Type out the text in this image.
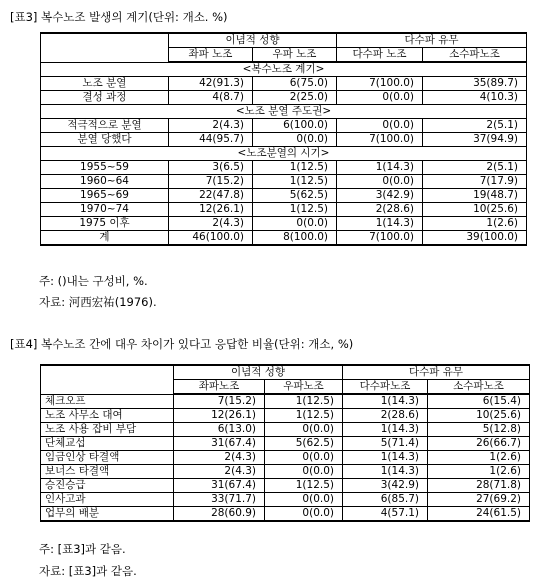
[표3] 복수노조 발생의 계기(단위: 개소. %)
	이념적 성향		다수파 유무	
	좌파 노조	우파 노조	다수파 노조	소수파노조
<복수노조 계기>				
노조 분열	42(91.3)	6(75.0)	7(100.0)	35(89.7)
결성 과정	4(8.7)	2(25.0)	0(0.0)	4(10.3)
<노조 분열 주도권>				
적극적으로 분열	2(4.3)	6(100.0)	0(0.0)	2(5.1)
분열 당했다	44(95.7)	0(0.0)	7(100.0)	37(94.9)
<노조분열의 시기>				
1955~59	3(6.5)	1(12.5)	1(14.3)	2(5.1)
1960~64	7(15.2)	1(12.5)	0(0.0)	7(17.9)
1965~69	22(47.8)	5(62.5)	3(42.9)	19(48.7)
1970~74	12(26.1)	1(12.5)	2(28.6)	10(25.6)
1975 이후	2(4.3)	0(0.0)	1(14.3)	1(2.6)
계	46(100.0)	8(100.0)	7(100.0)	39(100.0)
주: ()내는 구성비, %.
자료: 河西宏祐(1976).
[표4] 복수노조 간에 대우 차이가 있다고 응답한 비율(단위: 개소, %)
	이념적 성향		다수파 유무	
	좌파노조	우파노조	다수파노조	소수파노조
체크오프	7(15.2)	1(12.5)	1(14.3)	6(15.4)
노조 사무소 대여	12(26.1)	1(12.5)	2(28.6)	10(25.6)
노조 사용 잡비 부담	6(13.0)	0(0.0)	1(14.3)	5(12.8)
단체교섭	31(67.4)	5(62.5)	5(71.4)	26(66.7)
임금인상 타결액	2(4.3)	0(0.0)	1(14.3)	1(2.6)
보너스 타결액	2(4.3)	0(0.0)	1(14.3)	1(2.6)
승진승급	31(67.4)	1(12.5)	3(42.9)	28(71.8)
인사고과	33(71.7)	0(0.0)	6(85.7)	27(69.2)
업무의 배분	28(60.9)	0(0.0)	4(57.1)	24(61.5)
주: [표3]과 같음.
자료: [표3]과 같음.
